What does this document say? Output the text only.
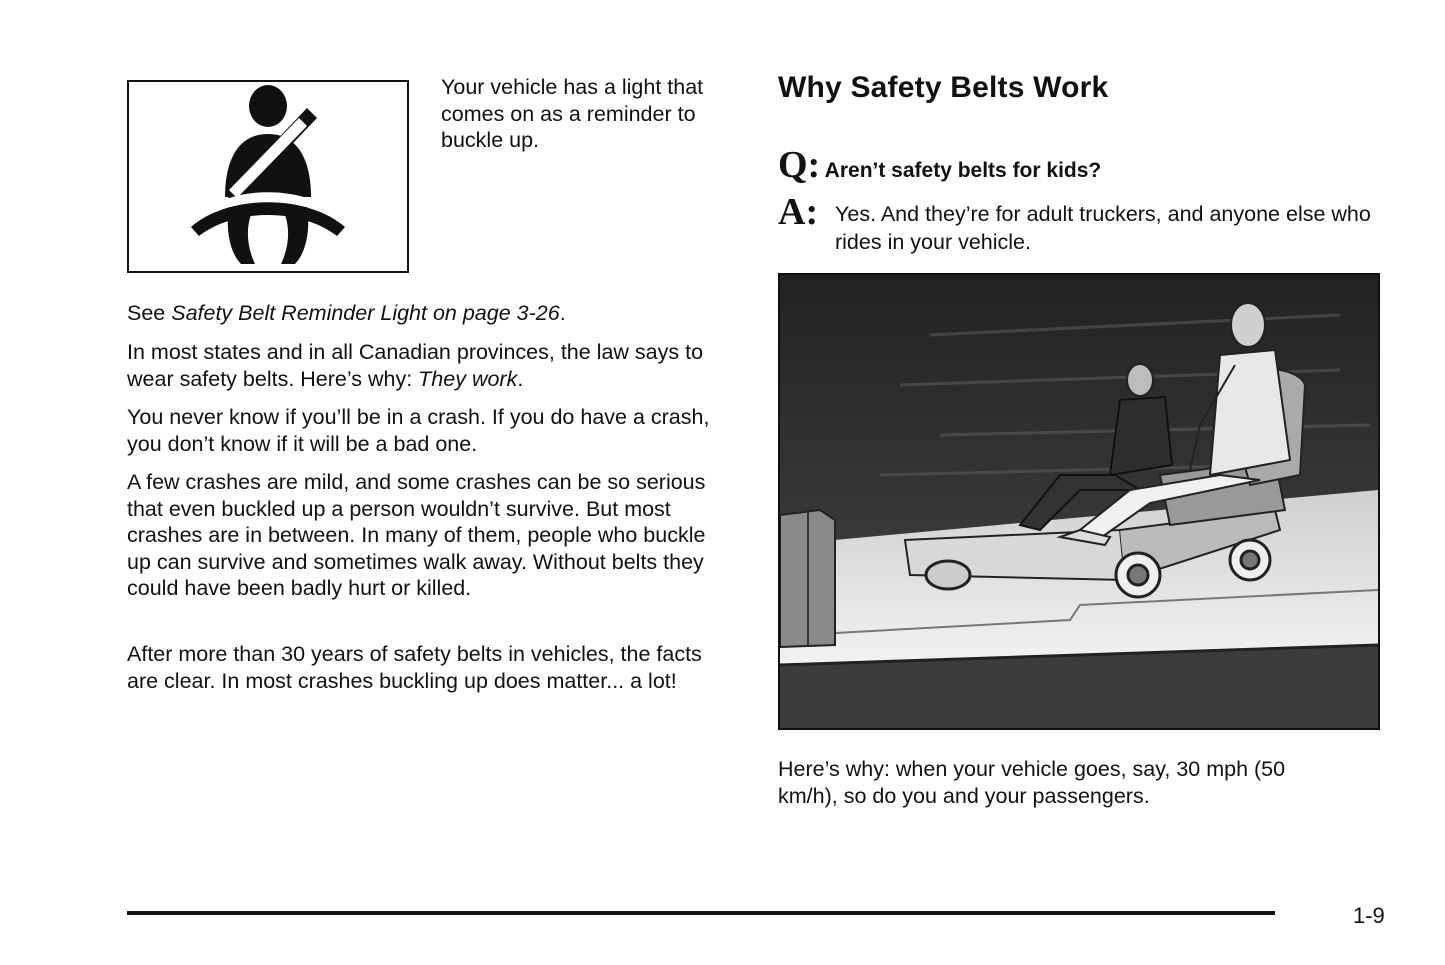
Your vehicle has a light that comes on as a reminder to buckle up.

See Safety Belt Reminder Light on page 3-26.

In most states and in all Canadian provinces, the law says to wear safety belts. Here’s why: They work.

You never know if you’ll be in a crash. If you do have a crash, you don’t know if it will be a bad one.

A few crashes are mild, and some crashes can be so serious that even buckled up a person wouldn’t survive. But most crashes are in between. In many of them, people who buckle up can survive and sometimes walk away. Without belts they could have been badly hurt or killed.

After more than 30 years of safety belts in vehicles, the facts are clear. In most crashes buckling up does matter... a lot!

Why Safety Belts Work
Q: Aren’t safety belts for kids?
A: Yes. And they’re for adult truckers, and anyone else who rides in your vehicle.

Here’s why: when your vehicle goes, say, 30 mph (50 km/h), so do you and your passengers.

1-9
